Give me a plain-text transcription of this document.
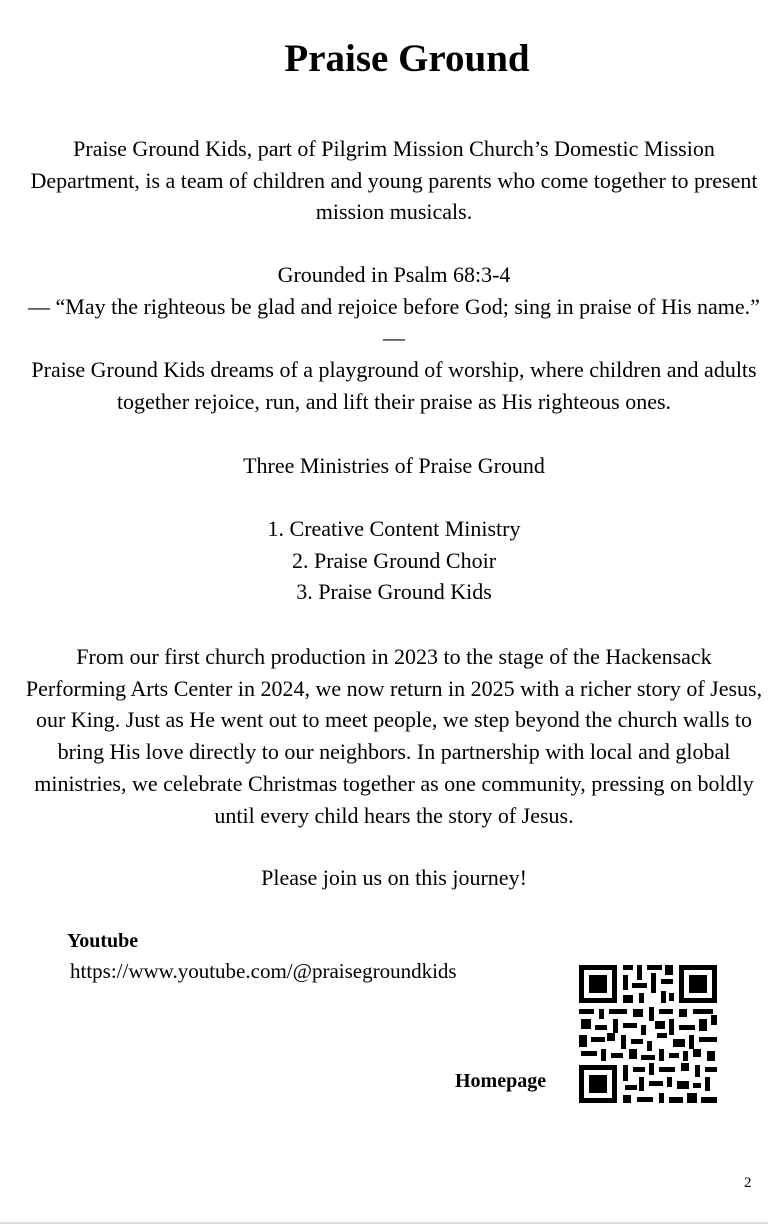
Praise Ground

Praise Ground Kids, part of Pilgrim Mission Church’s Domestic Mission Department, is a team of children and young parents who come together to present mission musicals.

Grounded in Psalm 68:3-4

— “May the righteous be glad and rejoice before God; sing in praise of His name.” —

Praise Ground Kids dreams of a playground of worship, where children and adults together rejoice, run, and lift their praise as His righteous ones.

Three Ministries of Praise Ground

1. Creative Content Ministry

2. Praise Ground Choir

3. Praise Ground Kids

From our first church production in 2023 to the stage of the Hackensack Performing Arts Center in 2024, we now return in 2025 with a richer story of Jesus, our King. Just as He went out to meet people, we step beyond the church walls to bring His love directly to our neighbors. In partnership with local and global ministries, we celebrate Christmas together as one community, pressing on boldly until every child hears the story of Jesus.

Please join us on this journey!

Youtube
https://www.youtube.com/@praisegroundkids
Homepage
2
